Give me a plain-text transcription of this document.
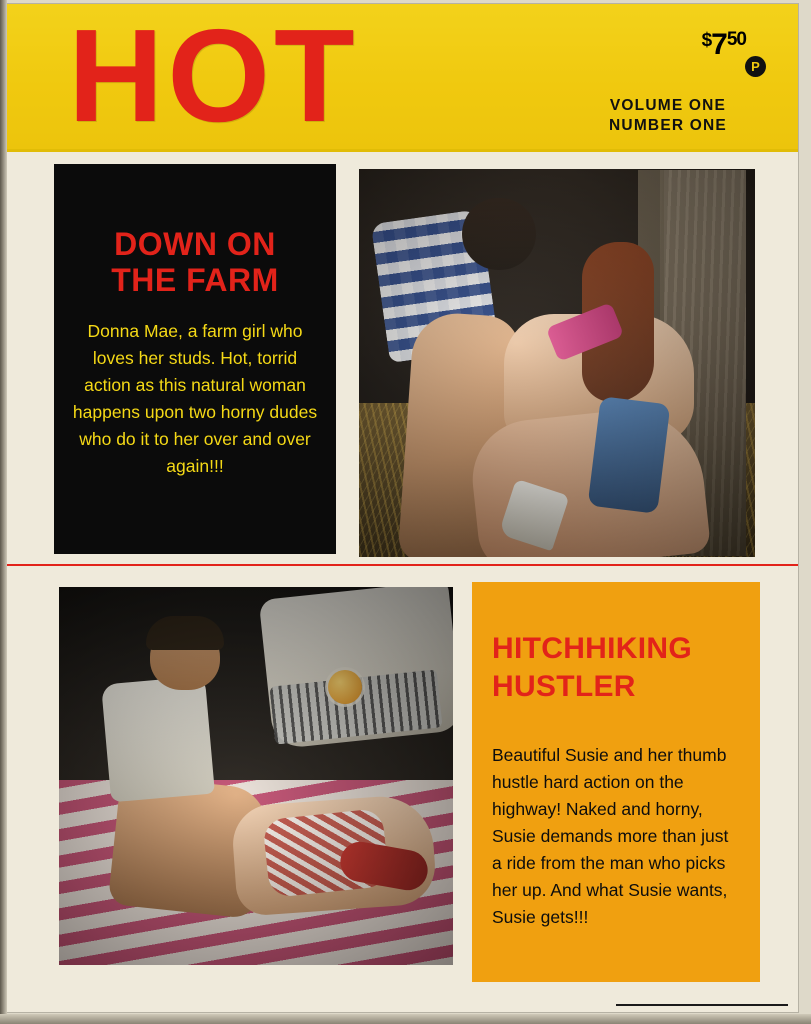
HOT	$^{\$}7^{50}$
P
VOLUME ONE
NUMBER ONE
DOWN ON
THE FARM
Donna Mae, a farm girl who loves her studs. Hot, torrid action as this natural woman happens upon two horny dudes who do it to her over and over again!!!
HITCHHIKING
HUSTLER
Beautiful Susie and her thumb hustle hard action on the highway! Naked and horny, Susie demands more than just a ride from the man who picks her up. And what Susie wants, Susie gets!!!
